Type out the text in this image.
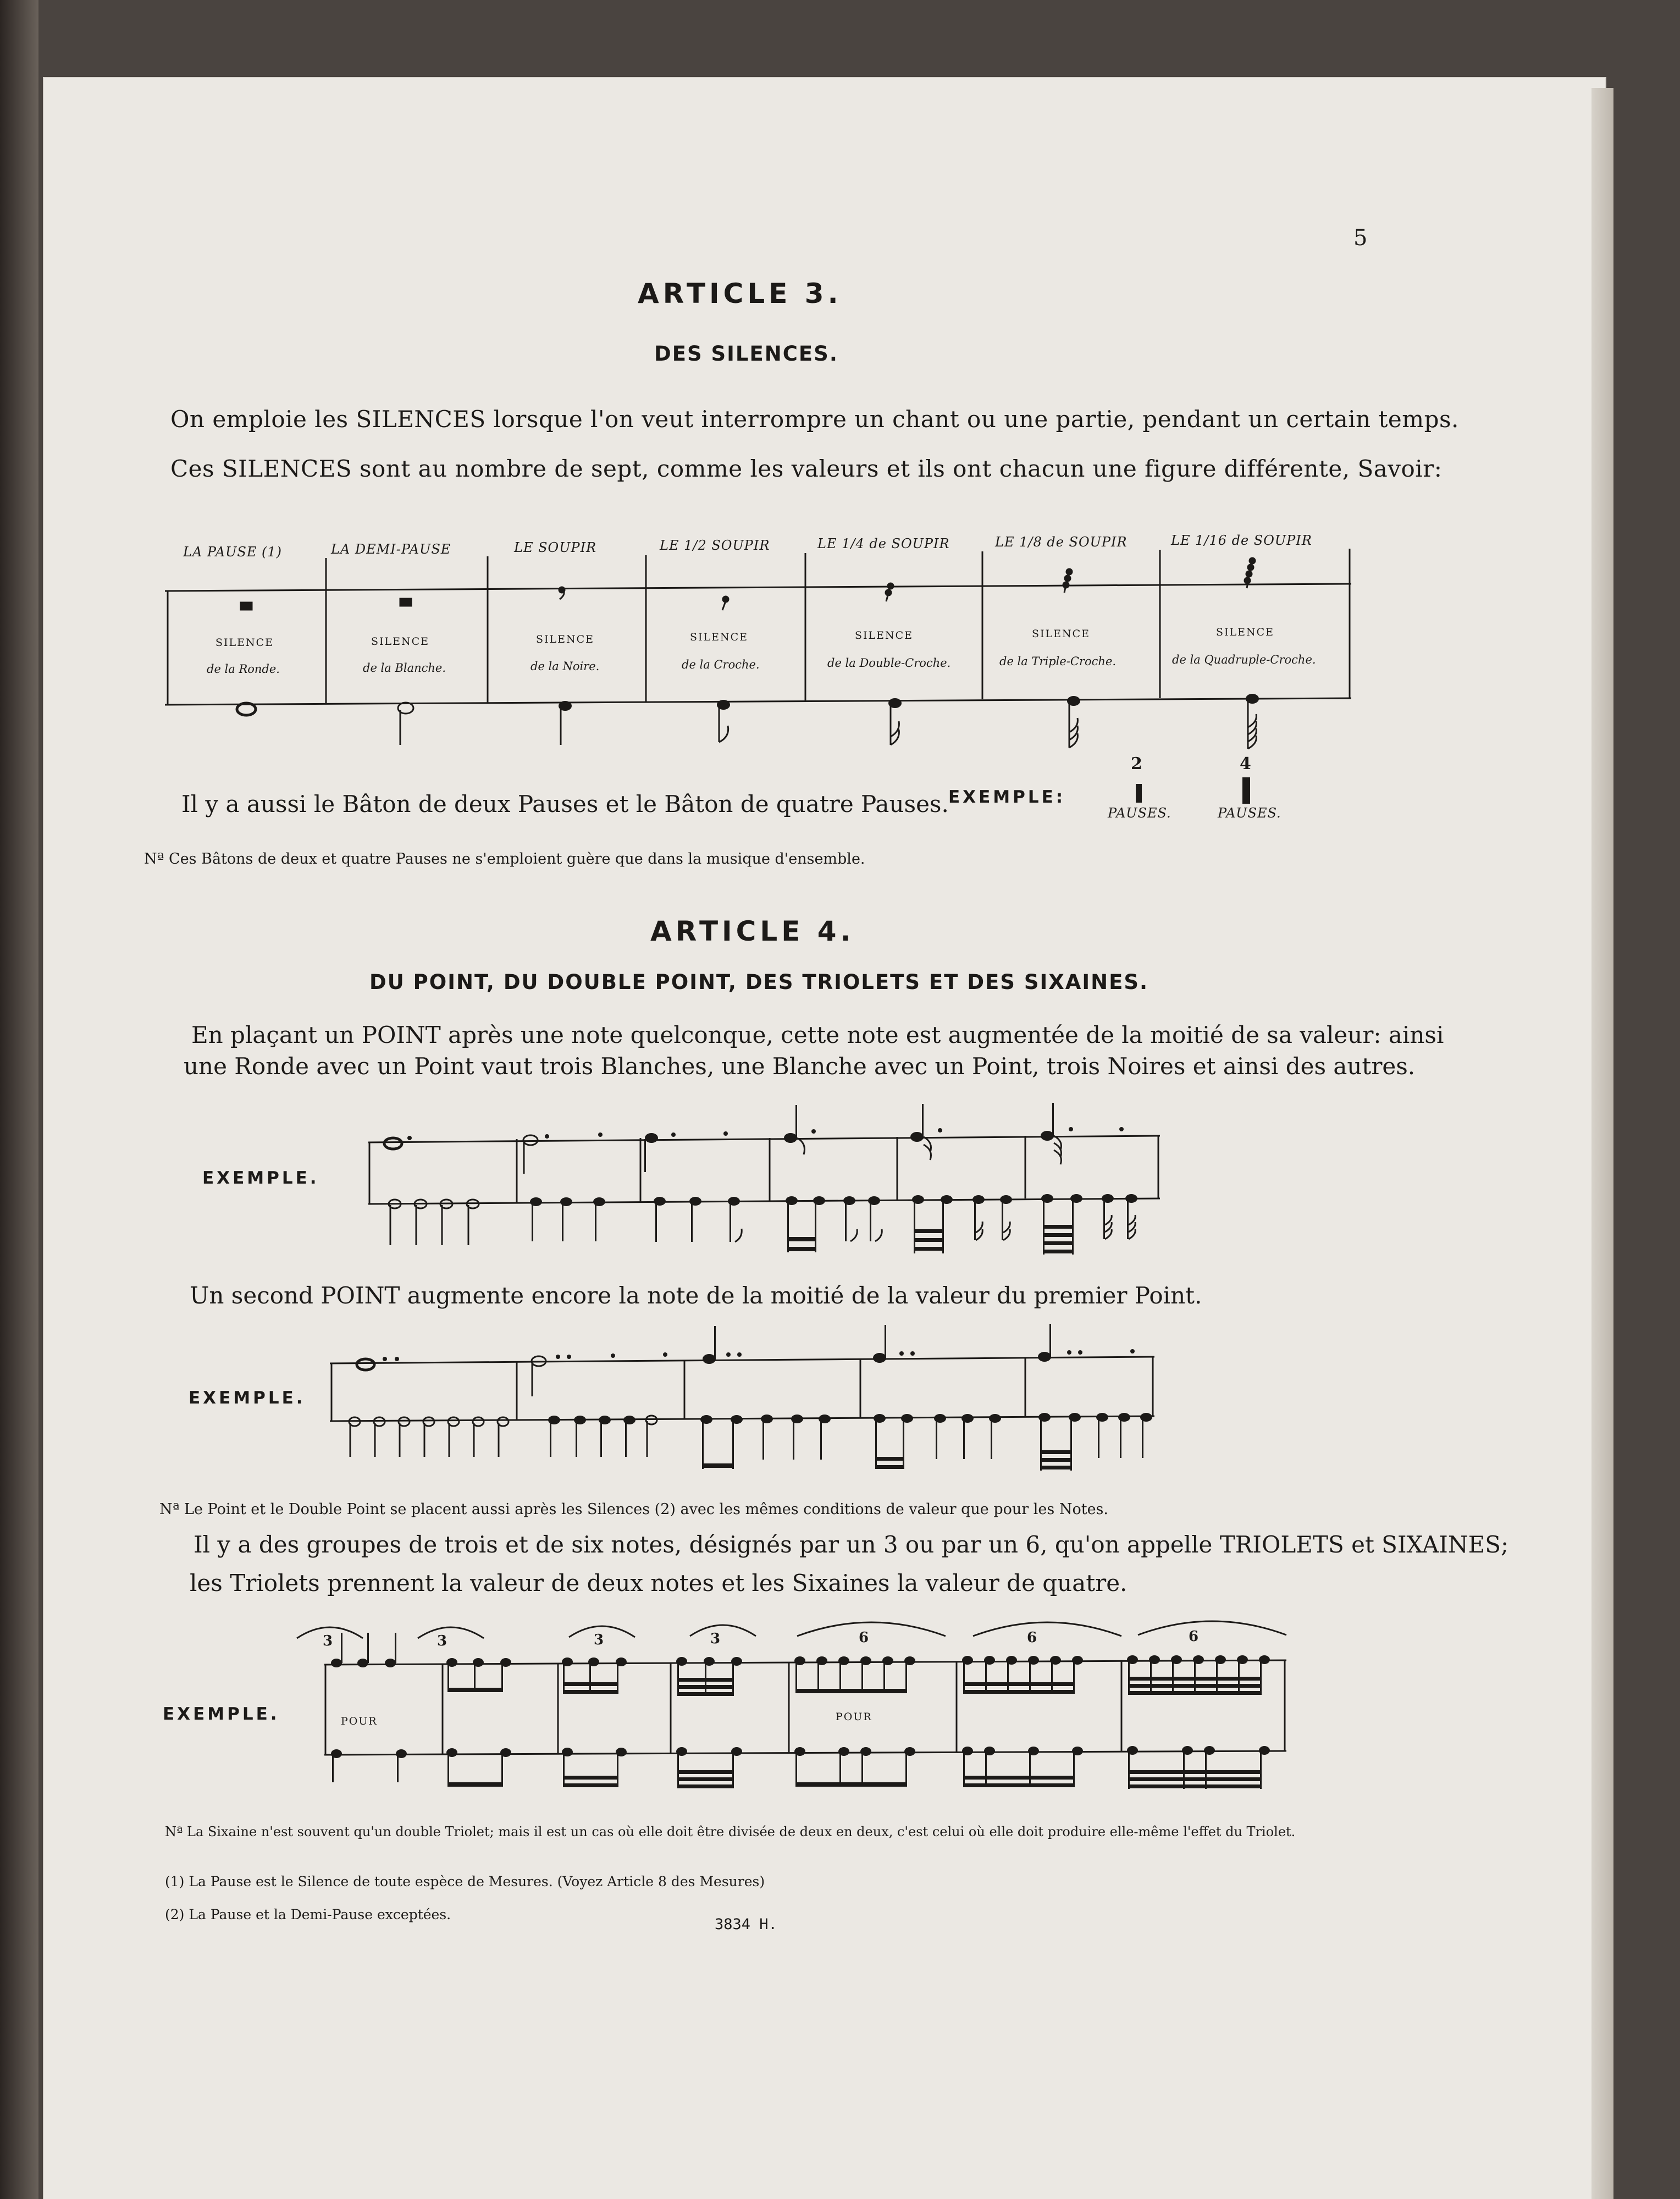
5
ARTICLE 3.
DES SILENCES.
On emploie les SILENCES lorsque l'on veut interrompre un chant ou une partie, pendant un certain temps.
Ces SILENCES sont au nombre de sept, comme les valeurs et ils ont chacun une figure différente, Savoir:
LA PAUSE (1)	LA DEMI-PAUSE	LE SOUPIR	LE 1/2 SOUPIR	LE 1/4 de SOUPIR	LE 1/8 de SOUPIR	LE 1/16 de SOUPIR
SILENCE	SILENCE	SILENCE	SILENCE	SILENCE	SILENCE	SILENCE
de la Ronde.	de la Blanche.	de la Noire.	de la Croche.	de la Double-Croche.	de la Triple-Croche.	de la Quadruple-Croche.
Il y a aussi le Bâton de deux Pauses et le Bâton de quatre Pauses. EXEMPLE:
2
PAUSES.
4
PAUSES.
Nª Ces Bâtons de deux et quatre Pauses ne s'emploient guère que dans la musique d'ensemble.
ARTICLE 4.
DU POINT, DU DOUBLE POINT, DES TRIOLETS ET DES SIXAINES.
En plaçant un POINT après une note quelconque, cette note est augmentée de la moitié de sa valeur: ainsi
une Ronde avec un Point vaut trois Blanches, une Blanche avec un Point, trois Noires et ainsi des autres.
EXEMPLE.
Un second POINT augmente encore la note de la moitié de la valeur du premier Point.
EXEMPLE.
Nª Le Point et le Double Point se placent aussi après les Silences (2) avec les mêmes conditions de valeur que pour les Notes.
Il y a des groupes de trois et de six notes, désignés par un 3 ou par un 6, qu'on appelle TRIOLETS et SIXAINES;
les Triolets prennent la valeur de deux notes et les Sixaines la valeur de quatre.
EXEMPLE.	POUR	POUR
3	3	3	3	6	6	6
Nª La Sixaine n'est souvent qu'un double Triolet; mais il est un cas où elle doit être divisée de deux en deux, c'est celui où elle doit produire elle-même l'effet du Triolet.
(1) La Pause est le Silence de toute espèce de Mesures. (Voyez Article 8 des Mesures)
(2) La Pause et la Demi-Pause exceptées.
3834 H.
